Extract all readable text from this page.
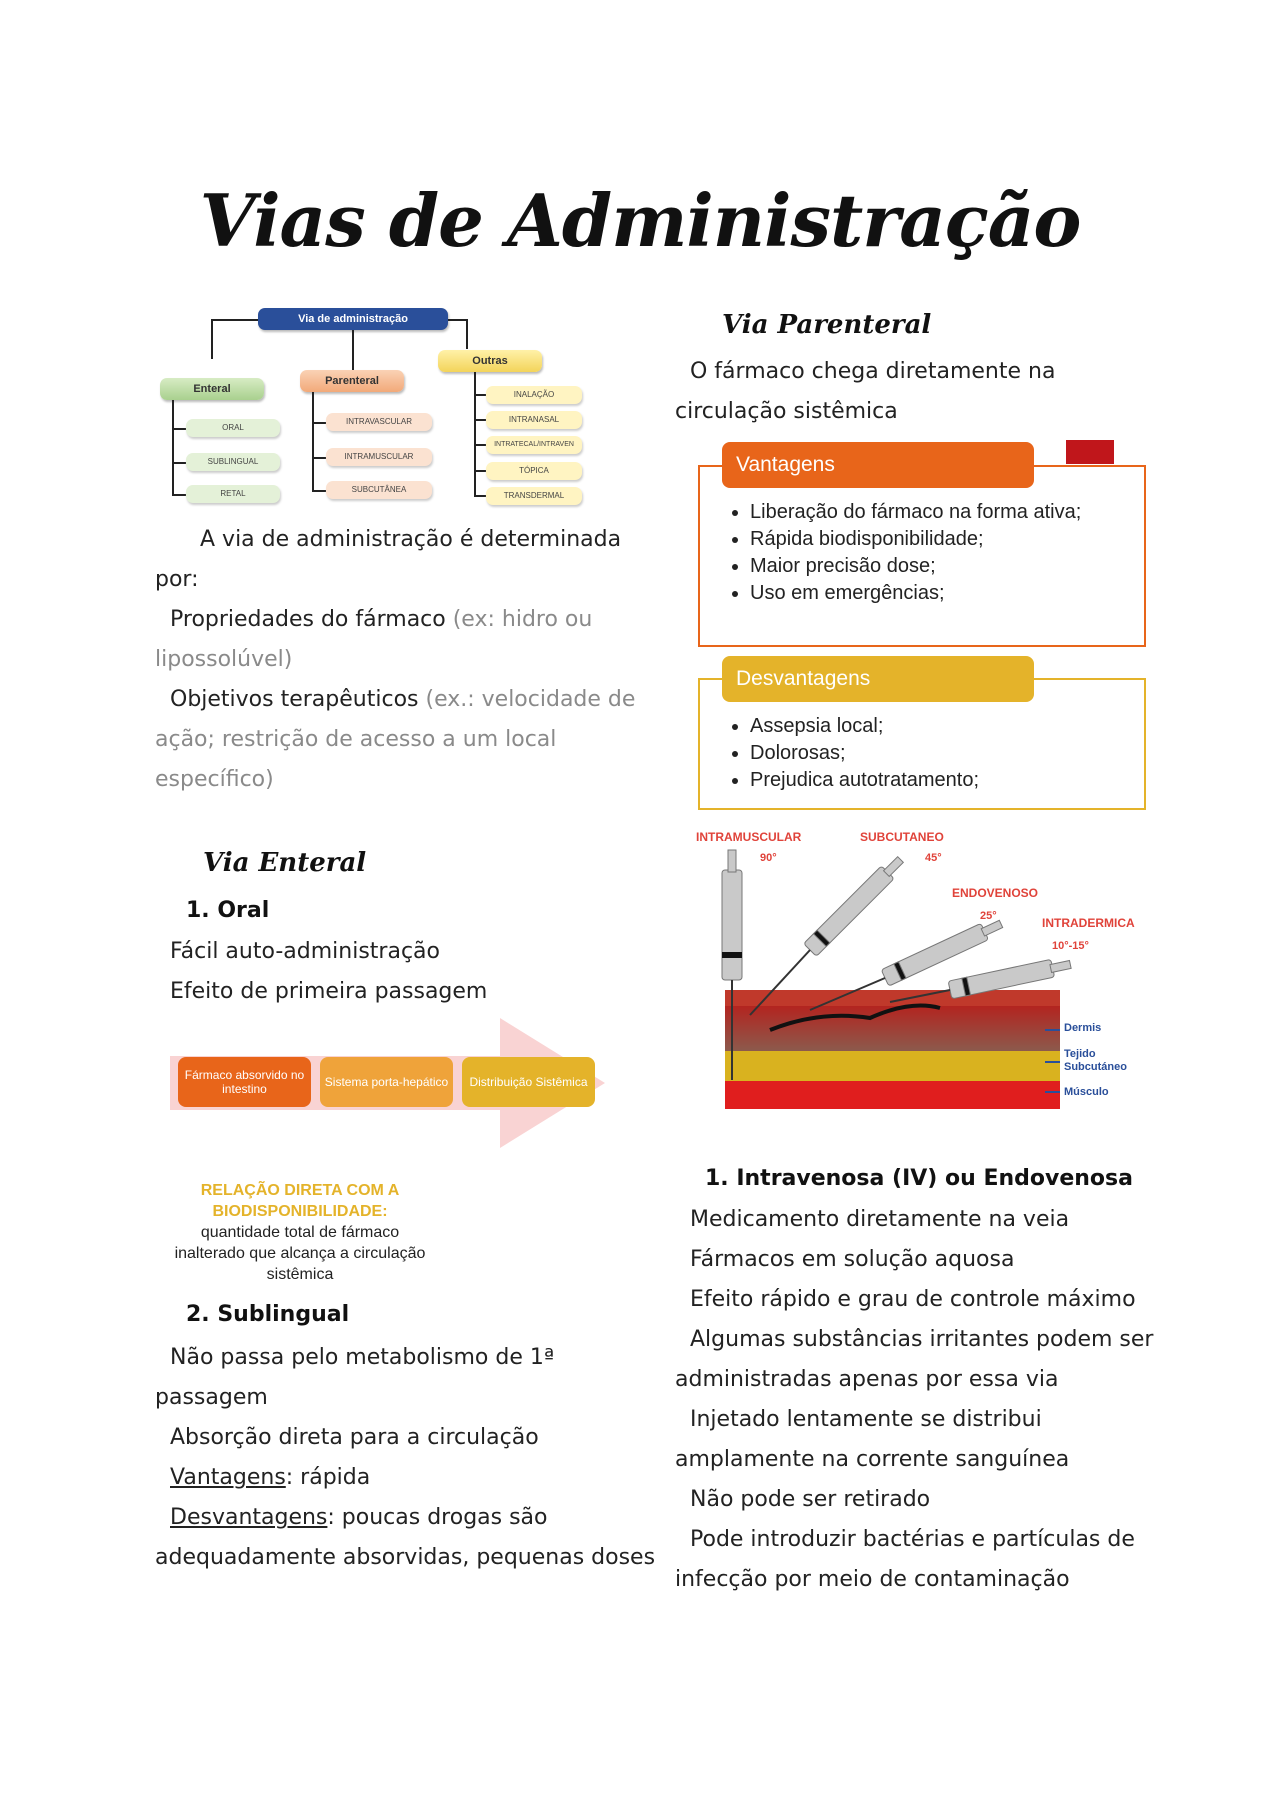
Vias de Administração
Via de administração
Enteral
Parenteral
Outras
ORAL
SUBLINGUAL
RETAL
INTRAVASCULAR
INTRAMUSCULAR
SUBCUTÂNEA
INALAÇÃO
INTRANASAL
INTRATECAL/INTRAVEN
TÓPICA
TRANSDERMAL
A via de administração é determinada
por:
Propriedades do fármaco (ex: hidro ou
lipossolúvel)
Objetivos terapêuticos (ex.: velocidade de
ação; restrição de acesso a um local
específico)
Via Enteral
1. Oral
Fácil auto-administração
Efeito de primeira passagem
Fármaco absorvido no intestino	Sistema porta-hepático	Distribuição Sistêmica
RELAÇÃO DIRETA COM A BIODISPONIBILIDADE:
quantidade total de fármaco inalterado que alcança a circulação sistêmica
2. Sublingual
Não passa pelo metabolismo de 1ª
passagem
Absorção direta para a circulação
Vantagens: rápida
Desvantagens: poucas drogas são
adequadamente absorvidas, pequenas doses
Via Parenteral
O fármaco chega diretamente na
circulação sistêmica
Vantagens
• Liberação do fármaco na forma ativa;
• Rápida biodisponibilidade;
• Maior precisão dose;
• Uso em emergências;
Desvantagens
• Assepsia local;
• Dolorosas;
• Prejudica autotratamento;
INTRAMUSCULAR
90°
SUBCUTANEO
45°
ENDOVENOSO
25°	INTRADERMICA
10°-15°
Dermis
Tejido Subcutáneo
Músculo
1. Intravenosa (IV) ou Endovenosa
Medicamento diretamente na veia
Fármacos em solução aquosa
Efeito rápido e grau de controle máximo
Algumas substâncias irritantes podem ser
administradas apenas por essa via
Injetado lentamente se distribui
amplamente na corrente sanguínea
Não pode ser retirado
Pode introduzir bactérias e partículas de
infecção por meio de contaminação
